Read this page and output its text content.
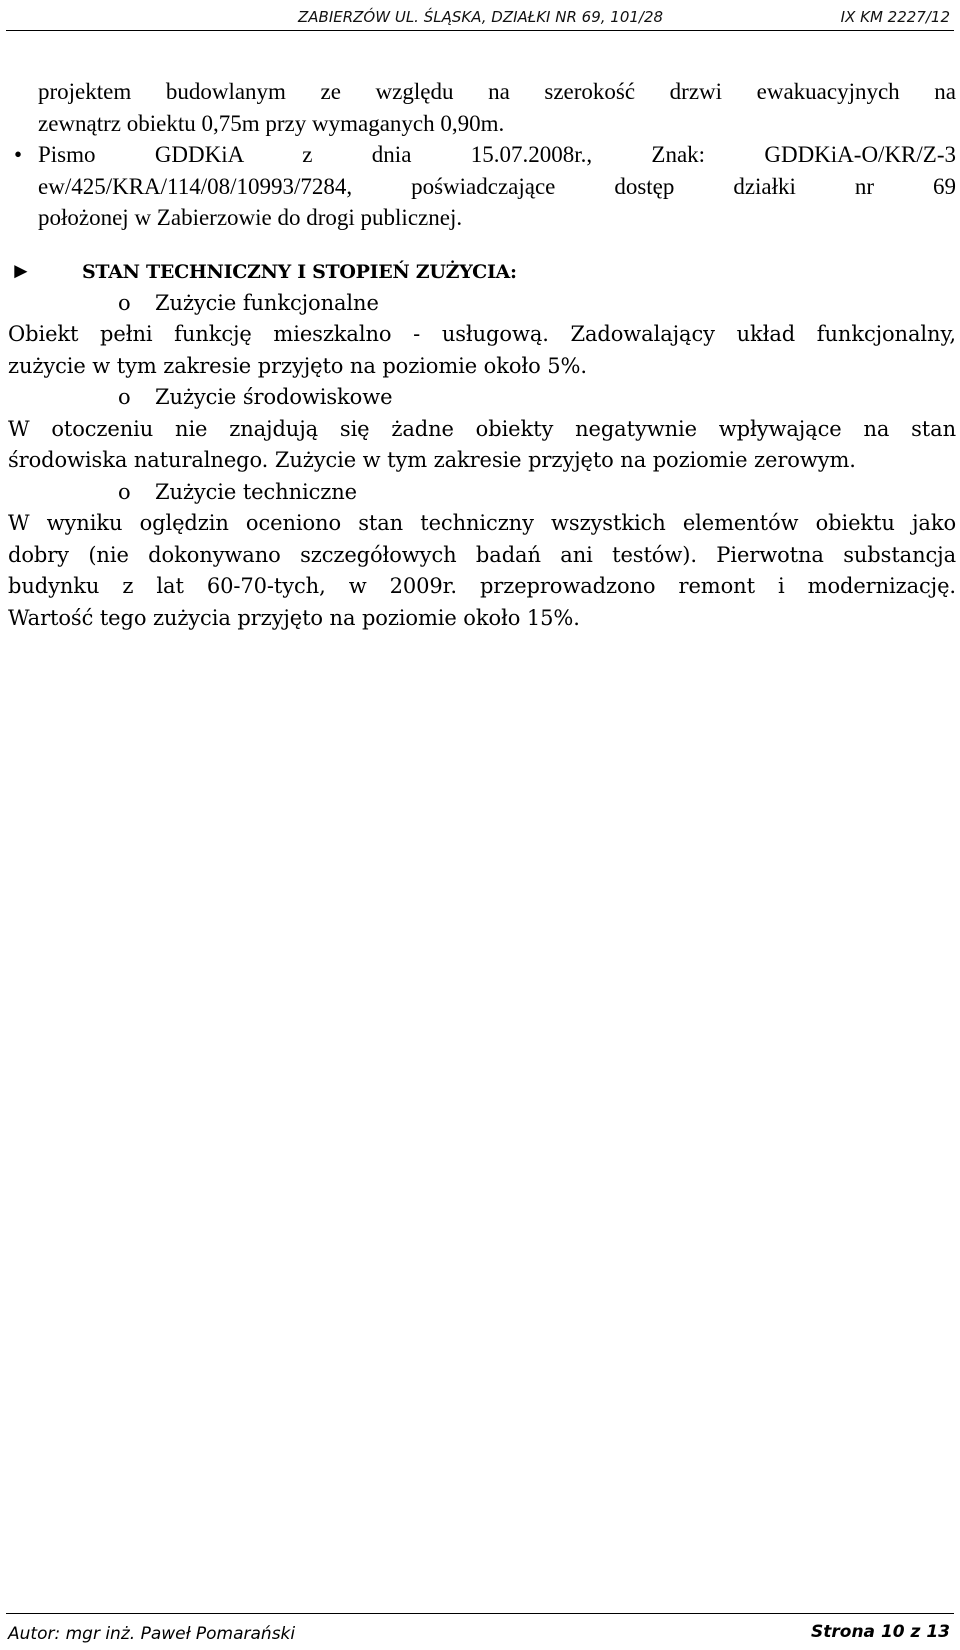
ZABIERZÓW UL. ŚLĄSKA, DZIAŁKI NR 69, 101/28	IX KM 2227/12
projektem budowlanym ze względu na szerokość drzwi ewakuacyjnych na
zewnątrz obiektu 0,75m przy wymaganych 0,90m.
• Pismo GDDKiA z dnia 15.07.2008r., Znak: GDDKiA-O/KR/Z-3
ew/425/KRA/114/08/10993/7284, poświadczające dostęp działki nr 69
położonej w Zabierzowie do drogi publicznej.
►	STAN TECHNICZNY I STOPIEŃ ZUŻYCIA:
o Zużycie funkcjonalne
Obiekt pełni funkcję mieszkalno - usługową. Zadowalający układ funkcjonalny,
zużycie w tym zakresie przyjęto na poziomie około 5%.
o Zużycie środowiskowe
W otoczeniu nie znajdują się żadne obiekty negatywnie wpływające na stan
środowiska naturalnego. Zużycie w tym zakresie przyjęto na poziomie zerowym.
o Zużycie techniczne
W wyniku oględzin oceniono stan techniczny wszystkich elementów obiektu jako
dobry (nie dokonywano szczegółowych badań ani testów). Pierwotna substancja
budynku z lat 60-70-tych, w 2009r. przeprowadzono remont i modernizację.
Wartość tego zużycia przyjęto na poziomie około 15%.
Autor: mgr inż. Paweł Pomarański	Strona 10 z 13
